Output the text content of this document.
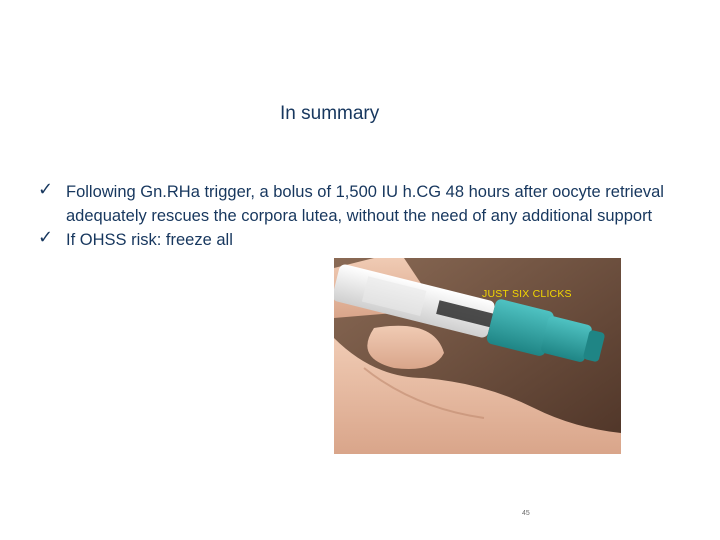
In summary
✓ Following Gn.RHa trigger, a bolus of 1,500 IU h.CG 48 hours after oocyte retrieval adequately rescues the corpora lutea, without the need of any additional support
✓ If OHSS risk: freeze all
JUST SIX CLICKS
45
